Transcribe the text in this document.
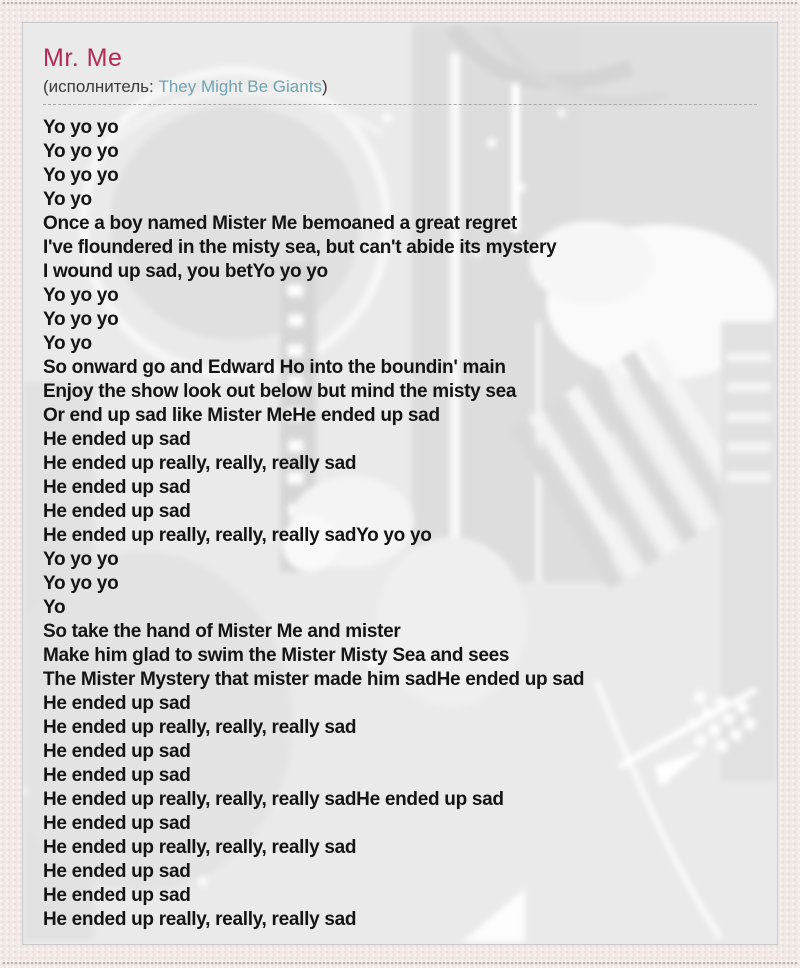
Mr. Me
(исполнитель: They Might Be Giants)
Yo yo yo
Yo yo yo
Yo yo yo
Yo yo
Once a boy named Mister Me bemoaned a great regret
I've floundered in the misty sea, but can't abide its mystery
I wound up sad, you betYo yo yo
Yo yo yo
Yo yo yo
Yo yo
So onward go and Edward Ho into the boundin' main
Enjoy the show look out below but mind the misty sea
Or end up sad like Mister MeHe ended up sad
He ended up sad
He ended up really, really, really sad
He ended up sad
He ended up sad
He ended up really, really, really sadYo yo yo
Yo yo yo
Yo yo yo
Yo
So take the hand of Mister Me and mister
Make him glad to swim the Mister Misty Sea and sees
The Mister Mystery that mister made him sadHe ended up sad
He ended up sad
He ended up really, really, really sad
He ended up sad
He ended up sad
He ended up really, really, really sadHe ended up sad
He ended up sad
He ended up really, really, really sad
He ended up sad
He ended up sad
He ended up really, really, really sad
